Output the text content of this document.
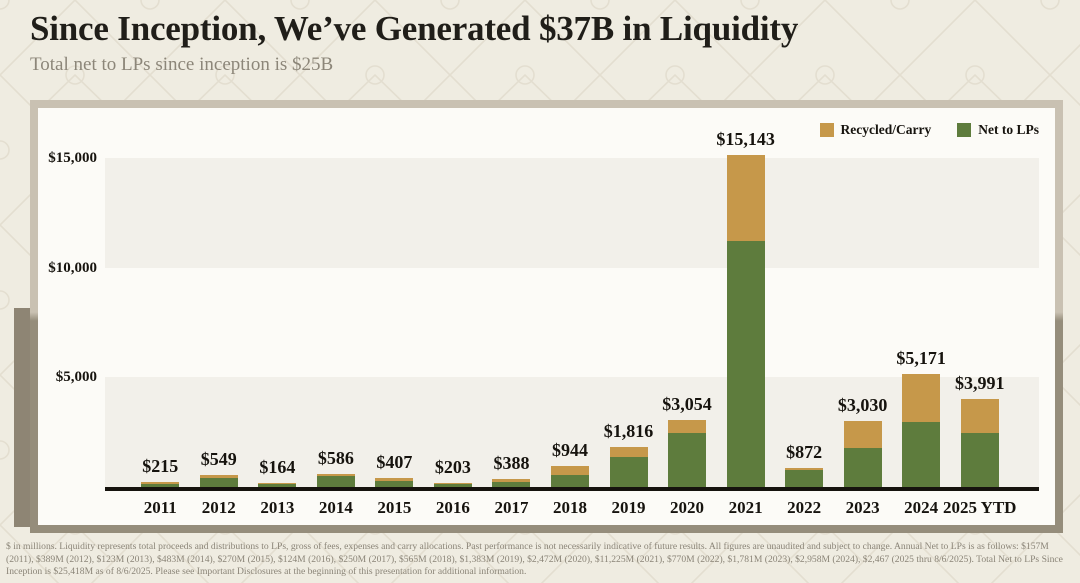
Since Inception, We’ve Generated $37B in Liquidity
Total net to LPs since inception is $25B
Recycled/Carry	Net to LPs
$5,000
$10,000
$15,000
$215
2011
$549
2012
$164
2013
$586
2014
$407
2015
$203
2016
$388
2017
$944
2018
$1,816
2019
$3,054
2020
$15,143
2021
$872
2022
$3,030
2023
$5,171
2024
$3,991
2025 YTD
$ in millions. Liquidity represents total proceeds and distributions to LPs, gross of fees, expenses and carry allocations. Past performance is not necessarily indicative of future results. All figures are unaudited and subject to change. Annual Net to LPs is as follows: $157M (2011), $389M (2012), $123M (2013), $483M (2014), $270M (2015), $124M (2016), $250M (2017), $565M (2018), $1,383M (2019), $2,472M (2020), $11,225M (2021), $770M (2022), $1,781M (2023), $2,958M (2024), $2,467 (2025 thru 8/6/2025). Total Net to LPs Since Inception is $25,418M as of 8/6/2025. Please see Important Disclosures at the beginning of this presentation for additional information.
